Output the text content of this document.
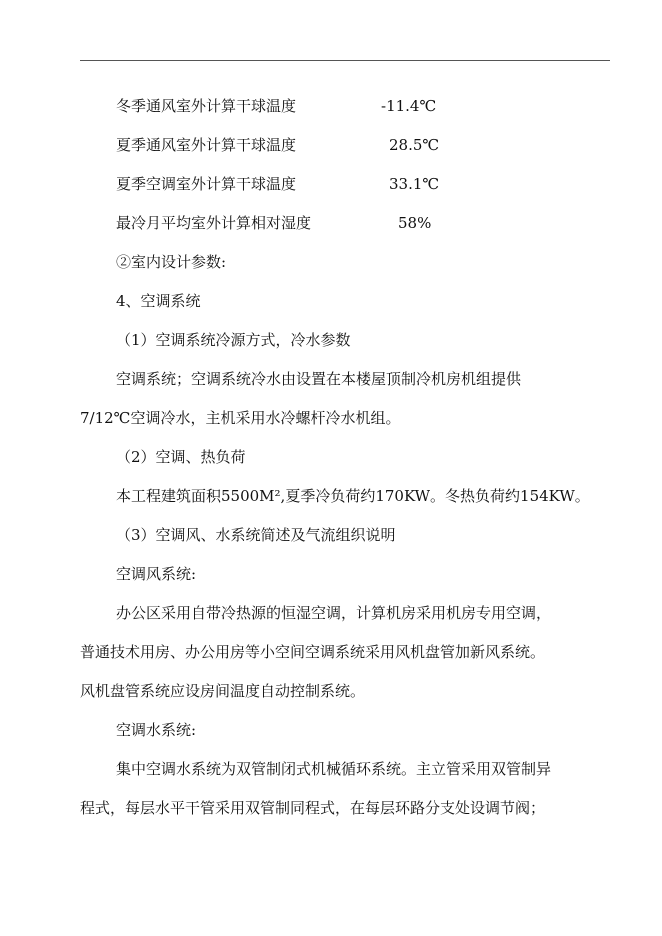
冬季通风室外计算干球温度	-11.4℃
夏季通风室外计算干球温度	28.5℃
夏季空调室外计算干球温度	33.1℃
最冷月平均室外计算相对湿度	58%
②室内设计参数:
4、空调系统
（1）空调系统冷源方式，冷水参数
空调系统；空调系统冷水由设置在本楼屋顶制冷机房机组提供
7/12℃空调冷水，主机采用水冷螺杆冷水机组。
（2）空调、热负荷
本工程建筑面积5500M²,夏季冷负荷约170KW。冬热负荷约154KW。
（3）空调风、水系统简述及气流组织说明
空调风系统:
办公区采用自带冷热源的恒湿空调，计算机房采用机房专用空调，
普通技术用房、办公用房等小空间空调系统采用风机盘管加新风系统。
风机盘管系统应设房间温度自动控制系统。
空调水系统:
集中空调水系统为双管制闭式机械循环系统。主立管采用双管制异
程式，每层水平干管采用双管制同程式，在每层环路分支处设调节阀；
